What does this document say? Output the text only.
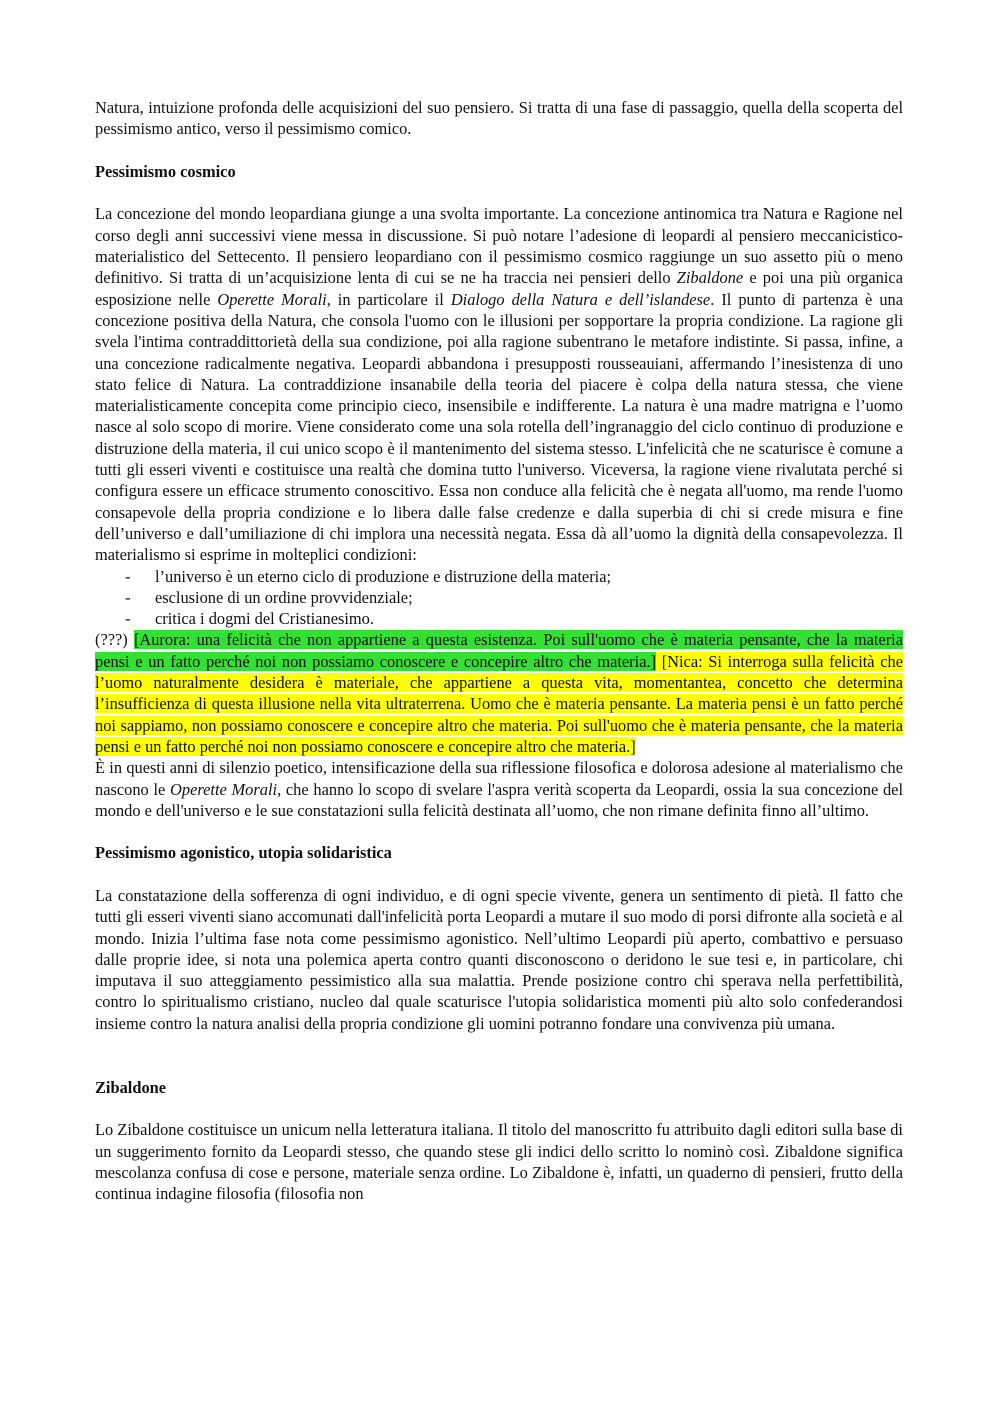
Natura, intuizione profonda delle acquisizioni del suo pensiero. Si tratta di una fase di passaggio, quella della scoperta del pessimismo antico, verso il pessimismo comico.

Pessimismo cosmico

La concezione del mondo leopardiana giunge a una svolta importante. La concezione antinomica tra Natura e Ragione nel corso degli anni successivi viene messa in discussione. Si può notare l’adesione di leopardi al pensiero meccanicistico-materialistico del Settecento. Il pensiero leopardiano con il pessimismo cosmico raggiunge un suo assetto più o meno definitivo. Si tratta di un’acquisizione lenta di cui se ne ha traccia nei pensieri dello Zibaldone e poi una più organica esposizione nelle Operette Morali, in particolare il Dialogo della Natura e dell’islandese. Il punto di partenza è una concezione positiva della Natura, che consola l'uomo con le illusioni per sopportare la propria condizione. La ragione gli svela l'intima contraddittorietà della sua condizione, poi alla ragione subentrano le metafore indistinte. Si passa, infine, a una concezione radicalmente negativa. Leopardi abbandona i presupposti rousseauiani, affermando l’inesistenza di uno stato felice di Natura. La contraddizione insanabile della teoria del piacere è colpa della natura stessa, che viene materialisticamente concepita come principio cieco, insensibile e indifferente. La natura è una madre matrigna e l’uomo nasce al solo scopo di morire. Viene considerato come una sola rotella dell’ingranaggio del ciclo continuo di produzione e distruzione della materia, il cui unico scopo è il mantenimento del sistema stesso. L'infelicità che ne scaturisce è comune a tutti gli esseri viventi e costituisce una realtà che domina tutto l'universo. Viceversa, la ragione viene rivalutata perché si configura essere un efficace strumento conoscitivo. Essa non conduce alla felicità che è negata all'uomo, ma rende l'uomo consapevole della propria condizione e lo libera dalle false credenze e dalla superbia di chi si crede misura e fine dell’universo e dall’umiliazione di chi implora una necessità negata. Essa dà all’uomo la dignità della consapevolezza. Il materialismo si esprime in molteplici condizioni:

- l’universo è un eterno ciclo di produzione e distruzione della materia;
- esclusione di un ordine provvidenziale;
- critica i dogmi del Cristianesimo.

(???) [Aurora: una felicità che non appartiene a questa esistenza. Poi sull'uomo che è materia pensante, che la materia pensi e un fatto perché noi non possiamo conoscere e concepire altro che materia.] [Nica: Si interroga sulla felicità che l’uomo naturalmente desidera è materiale, che appartiene a questa vita, momentantea, concetto che determina l’insufficienza di questa illusione nella vita ultraterrena. Uomo che è materia pensante. La materia pensi è un fatto perché noi sappiamo, non possiamo conoscere e concepire altro che materia. Poi sull'uomo che è materia pensante, che la materia pensi e un fatto perché noi non possiamo conoscere e concepire altro che materia.]

È in questi anni di silenzio poetico, intensificazione della sua riflessione filosofica e dolorosa adesione al materialismo che nascono le Operette Morali, che hanno lo scopo di svelare l'aspra verità scoperta da Leopardi, ossia la sua concezione del mondo e dell'universo e le sue constatazioni sulla felicità destinata all’uomo, che non rimane definita finno all’ultimo.

Pessimismo agonistico, utopia solidaristica

La constatazione della sofferenza di ogni individuo, e di ogni specie vivente, genera un sentimento di pietà. Il fatto che tutti gli esseri viventi siano accomunati dall'infelicità porta Leopardi a mutare il suo modo di porsi difronte alla società e al mondo. Inizia l’ultima fase nota come pessimismo agonistico. Nell’ultimo Leopardi più aperto, combattivo e persuaso dalle proprie idee, si nota una polemica aperta contro quanti disconoscono o deridono le sue tesi e, in particolare, chi imputava il suo atteggiamento pessimistico alla sua malattia. Prende posizione contro chi sperava nella perfettibilità, contro lo spiritualismo cristiano, nucleo dal quale scaturisce l'utopia solidaristica momenti più alto solo confederandosi insieme contro la natura analisi della propria condizione gli uomini potranno fondare una convivenza più umana.

Zibaldone

Lo Zibaldone costituisce un unicum nella letteratura italiana. Il titolo del manoscritto fu attribuito dagli editori sulla base di un suggerimento fornito da Leopardi stesso, che quando stese gli indici dello scritto lo nominò così. Zibaldone significa mescolanza confusa di cose e persone, materiale senza ordine. Lo Zibaldone è, infatti, un quaderno di pensieri, frutto della continua indagine filosofia (filosofia non
